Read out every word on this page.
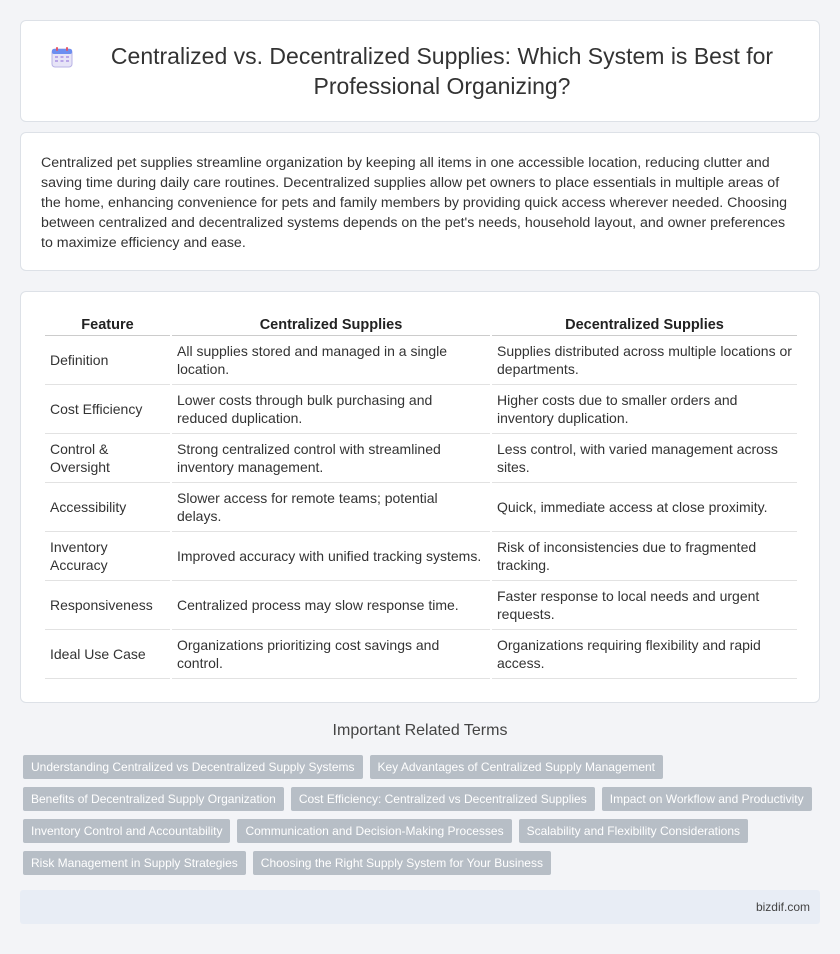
Centralized vs. Decentralized Supplies: Which System is Best for Professional Organizing?

Centralized pet supplies streamline organization by keeping all items in one accessible location, reducing clutter and saving time during daily care routines. Decentralized supplies allow pet owners to place essentials in multiple areas of the home, enhancing convenience for pets and family members by providing quick access wherever needed. Choosing between centralized and decentralized systems depends on the pet's needs, household layout, and owner preferences to maximize efficiency and ease.

Feature	Centralized Supplies	Decentralized Supplies
Definition	All supplies stored and managed in a single location.	Supplies distributed across multiple locations or departments.
Cost Efficiency	Lower costs through bulk purchasing and reduced duplication.	Higher costs due to smaller orders and inventory duplication.
Control & Oversight	Strong centralized control with streamlined inventory management.	Less control, with varied management across sites.
Accessibility	Slower access for remote teams; potential delays.	Quick, immediate access at close proximity.
Inventory Accuracy	Improved accuracy with unified tracking systems.	Risk of inconsistencies due to fragmented tracking.
Responsiveness	Centralized process may slow response time.	Faster response to local needs and urgent requests.
Ideal Use Case	Organizations prioritizing cost savings and control.	Organizations requiring flexibility and rapid access.
Important Related Terms
Understanding Centralized vs Decentralized Supply Systems	Key Advantages of Centralized Supply Management
Benefits of Decentralized Supply Organization	Cost Efficiency: Centralized vs Decentralized Supplies	Impact on Workflow and Productivity
Inventory Control and Accountability	Communication and Decision-Making Processes	Scalability and Flexibility Considerations
Risk Management in Supply Strategies	Choosing the Right Supply System for Your Business
bizdif.com
